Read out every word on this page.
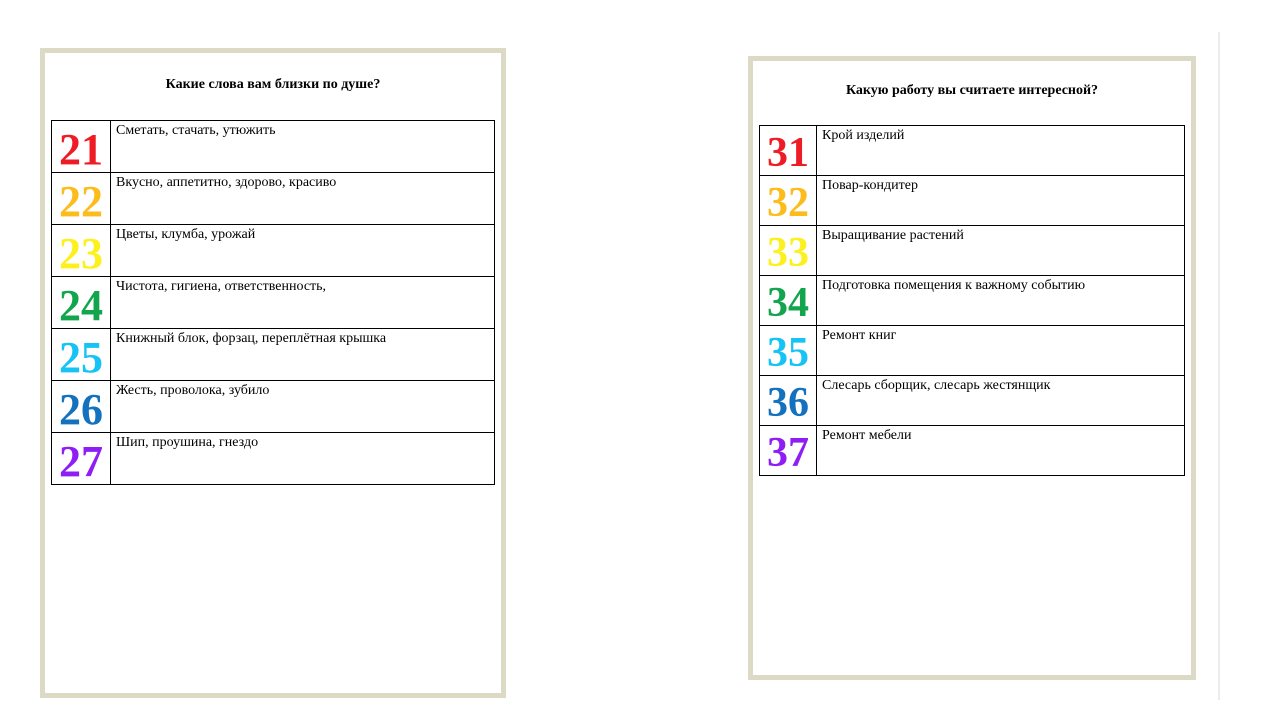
Какие слова вам близки по душе?
21	Сметать, стачать, утюжить

22	Вкусно, аппетитно, здорово, красиво

23	Цветы, клумба, урожай

24	Чистота, гигиена, ответственность,

25	Книжный блок, форзац, переплётная крышка

26	Жесть, проволока, зубило

27	Шип, проушина, гнездо
Какую работу вы считаете интересной?
31	Крой изделий

32	Повар-кондитер

33	Выращивание растений

34	Подготовка помещения к важному событию

35	Ремонт книг

36	Слесарь сборщик, слесарь жестянщик

37	Ремонт мебели
